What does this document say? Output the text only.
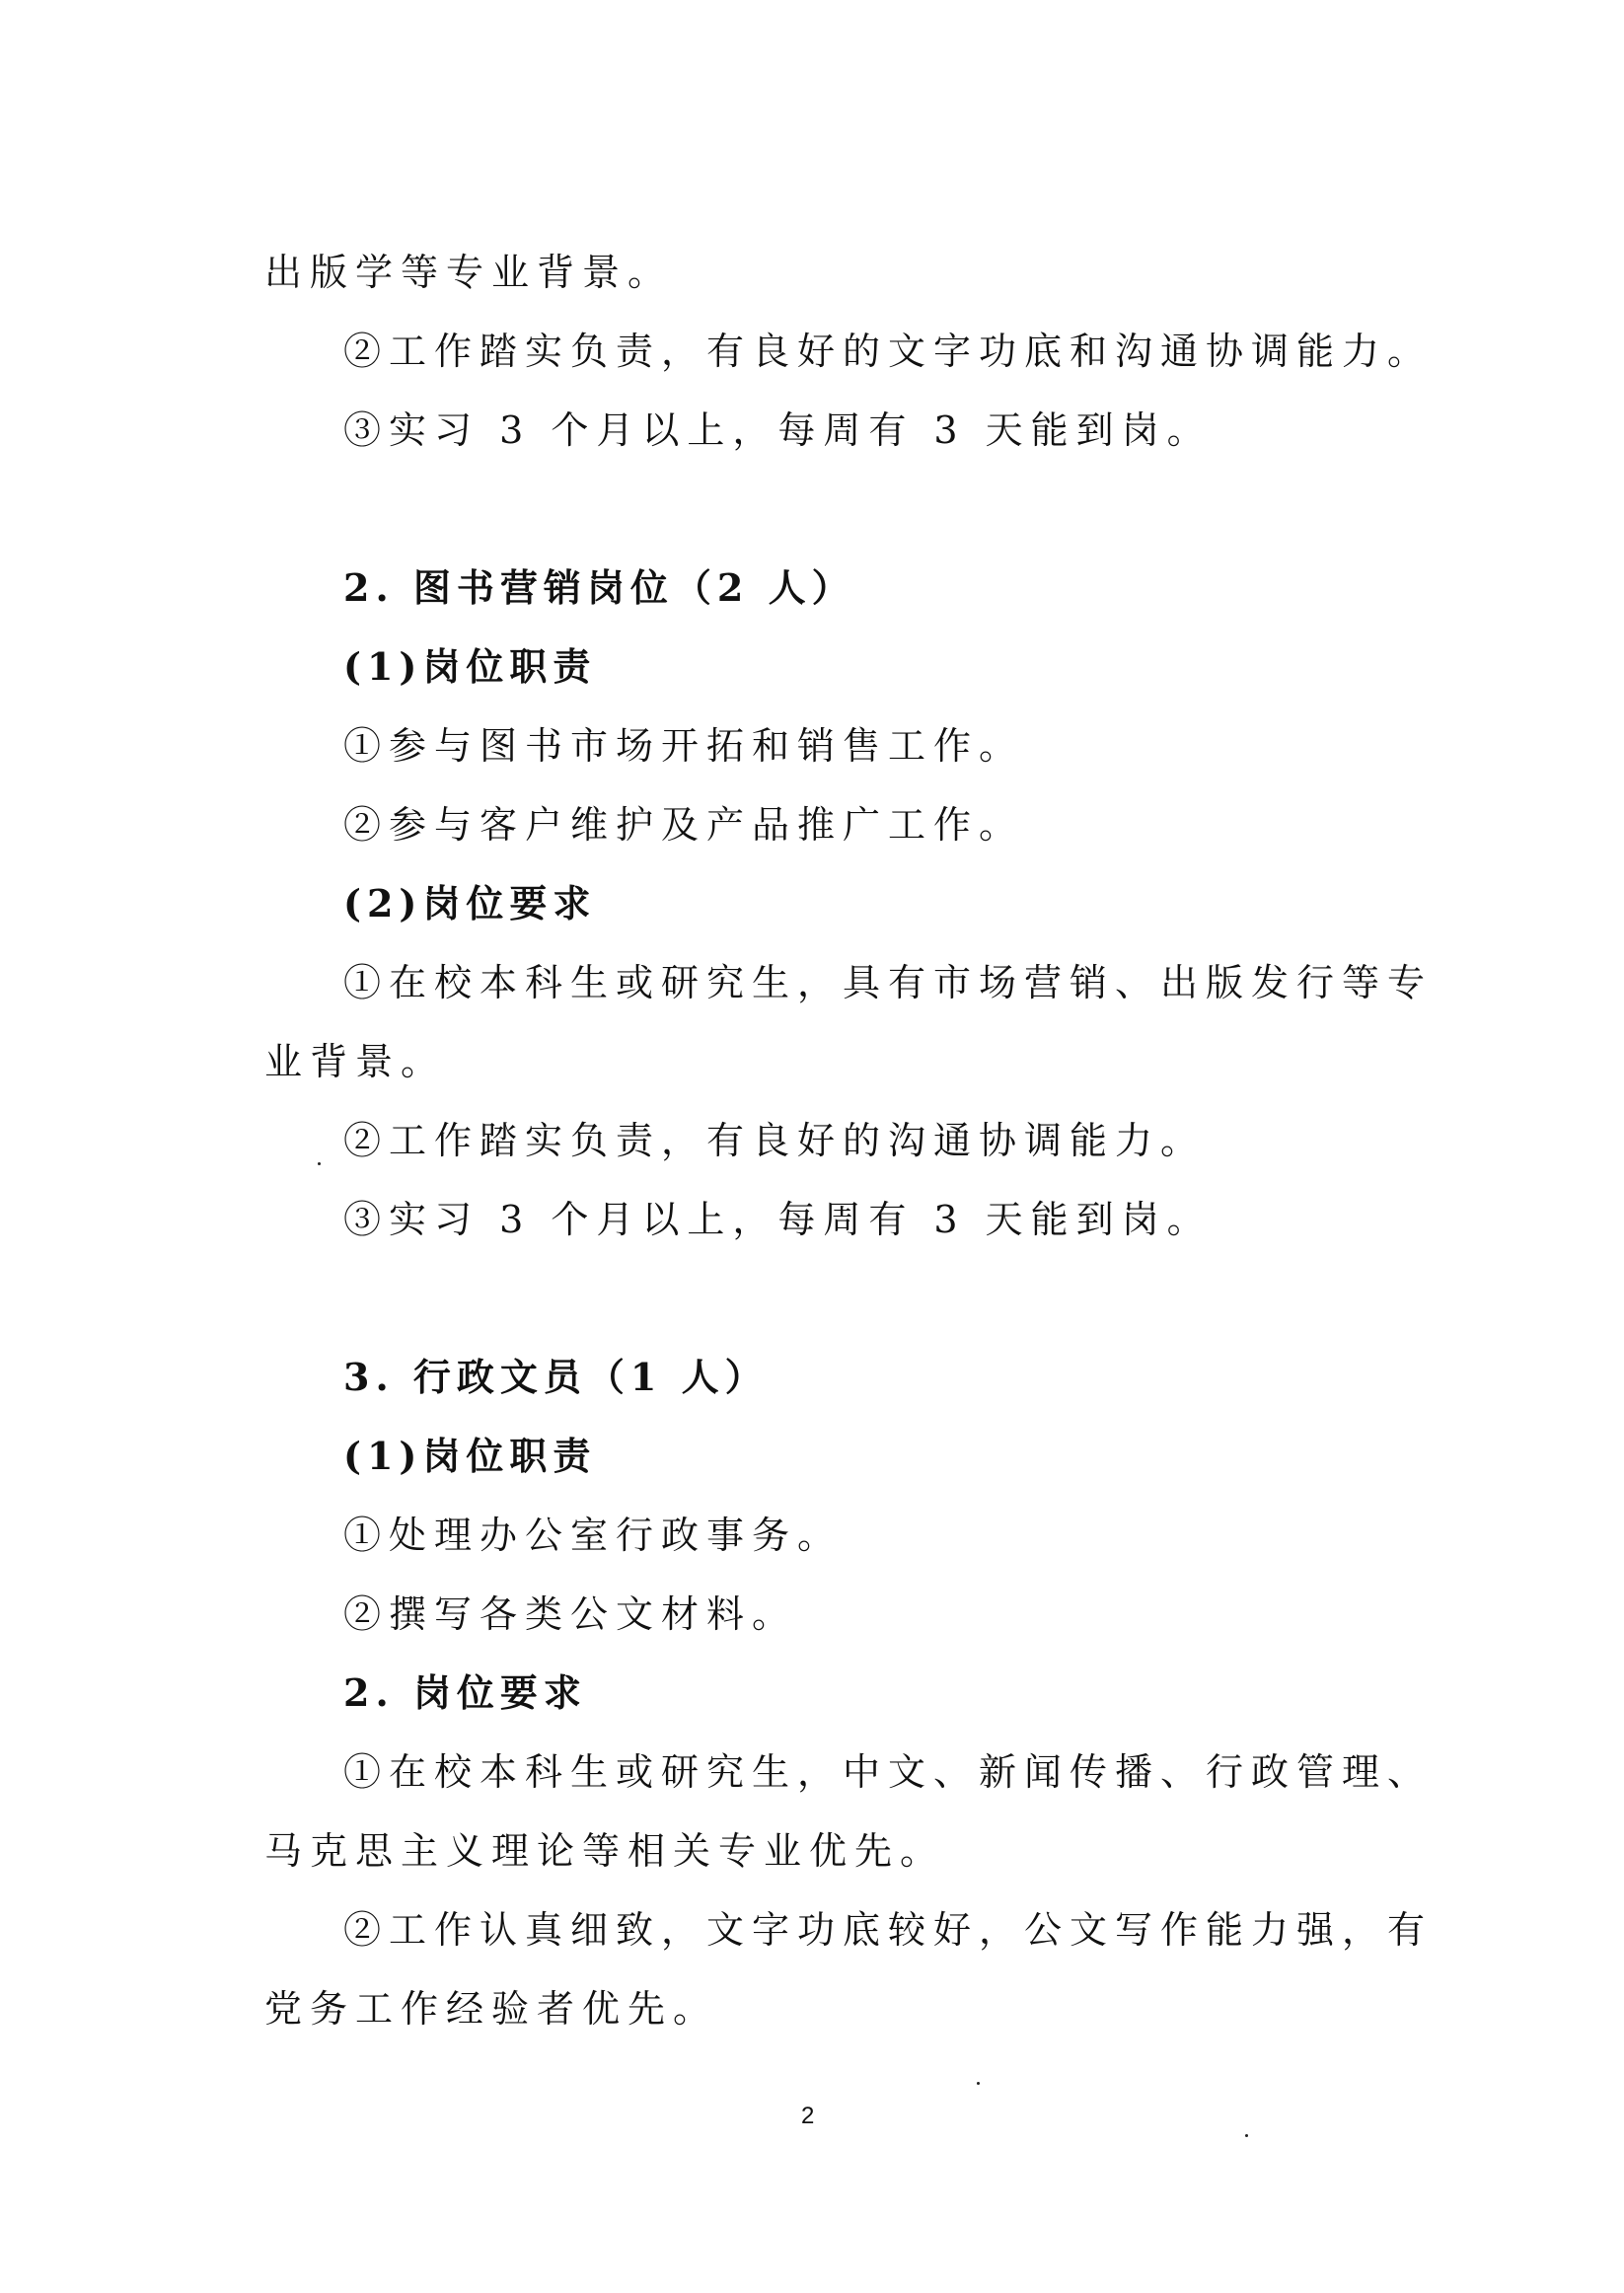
出版学等专业背景。

②工作踏实负责，有良好的文字功底和沟通协调能力。

③实习 3 个月以上，每周有 3 天能到岗。

2. 图书营销岗位（2 人）

(1)岗位职责

①参与图书市场开拓和销售工作。

②参与客户维护及产品推广工作。

(2)岗位要求

①在校本科生或研究生，具有市场营销、出版发行等专

业背景。

②工作踏实负责，有良好的沟通协调能力。

③实习 3 个月以上，每周有 3 天能到岗。

3. 行政文员（1 人）

(1)岗位职责

①处理办公室行政事务。

②撰写各类公文材料。

2. 岗位要求

①在校本科生或研究生，中文、新闻传播、行政管理、

马克思主义理论等相关专业优先。

②工作认真细致，文字功底较好，公文写作能力强，有

党务工作经验者优先。

2
